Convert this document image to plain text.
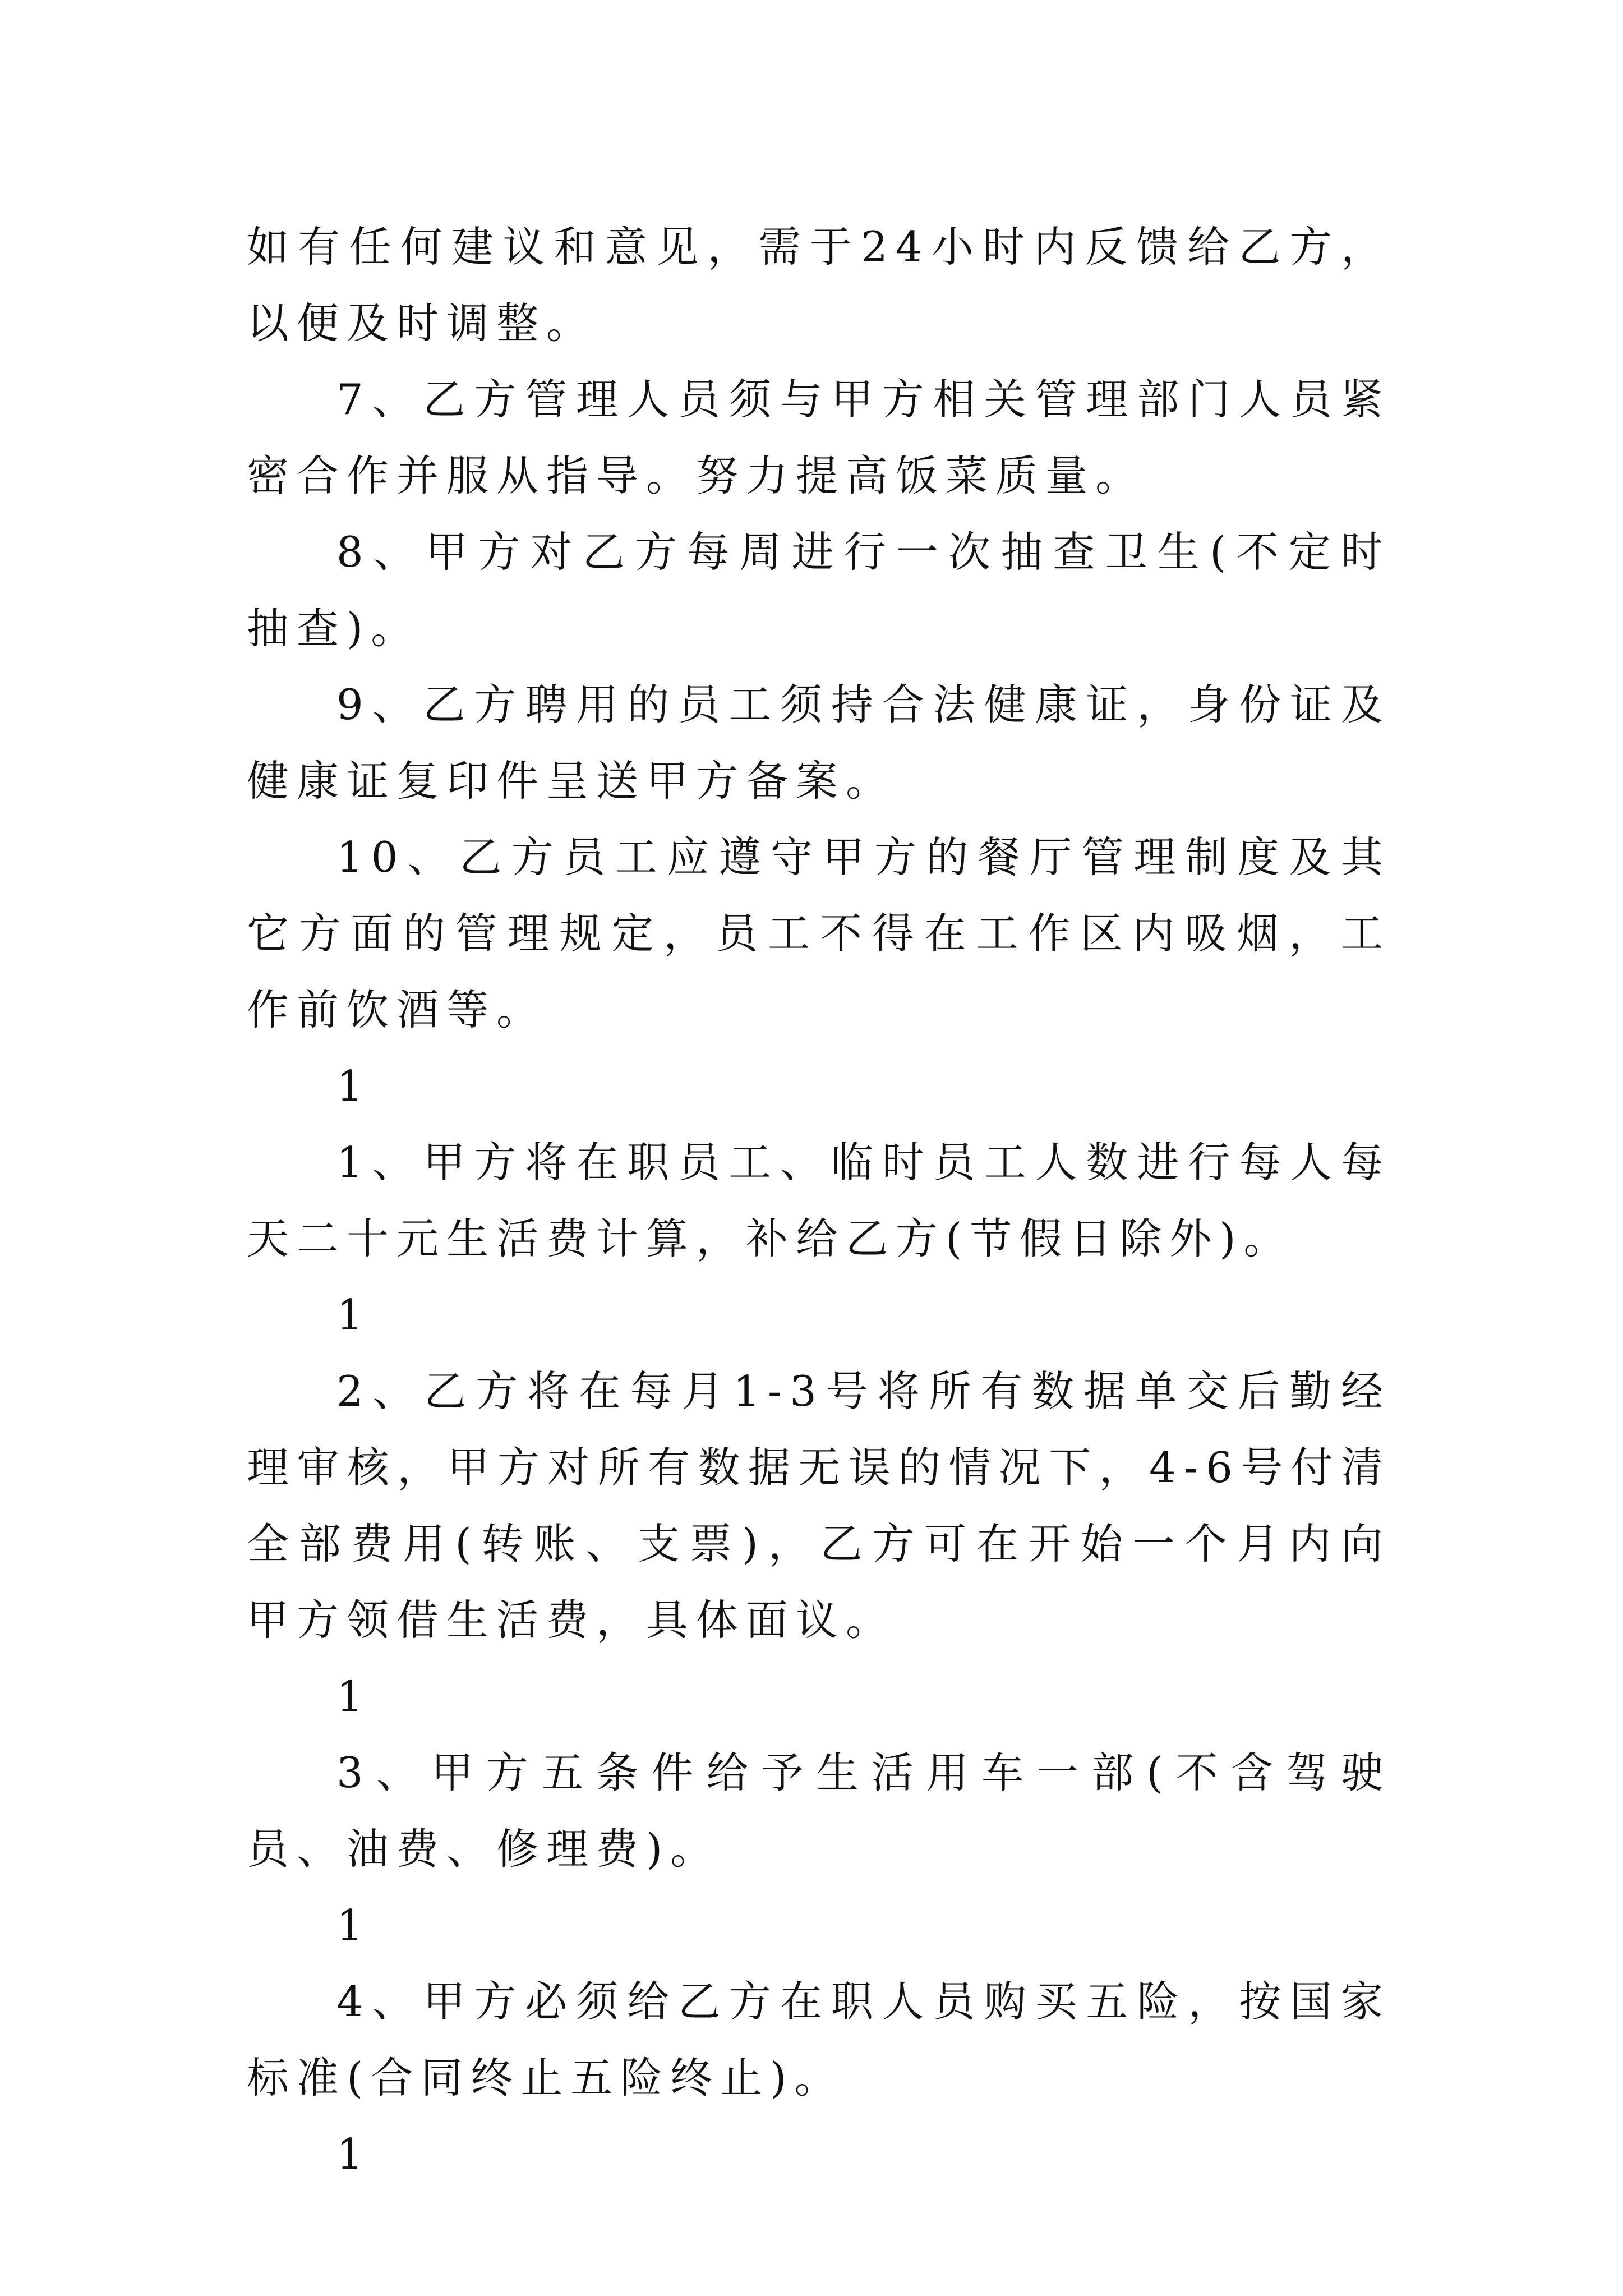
如有任何建议和意见，需于24小时内反馈给乙方，以便及时调整。

7、乙方管理人员须与甲方相关管理部门人员紧密合作并服从指导。努力提高饭菜质量。

8、甲方对乙方每周进行一次抽查卫生(不定时抽查)。

9、乙方聘用的员工须持合法健康证，身份证及健康证复印件呈送甲方备案。

10、乙方员工应遵守甲方的餐厅管理制度及其它方面的管理规定，员工不得在工作区内吸烟，工作前饮酒等。

1

1、甲方将在职员工、临时员工人数进行每人每天二十元生活费计算，补给乙方(节假日除外)。

1

2、乙方将在每月1-3号将所有数据单交后勤经理审核，甲方对所有数据无误的情况下，4-6号付清全部费用(转账、支票)，乙方可在开始一个月内向甲方领借生活费，具体面议。

1

3、甲方五条件给予生活用车一部(不含驾驶员、油费、修理费)。

1

4、甲方必须给乙方在职人员购买五险，按国家标准(合同终止五险终止)。

1
